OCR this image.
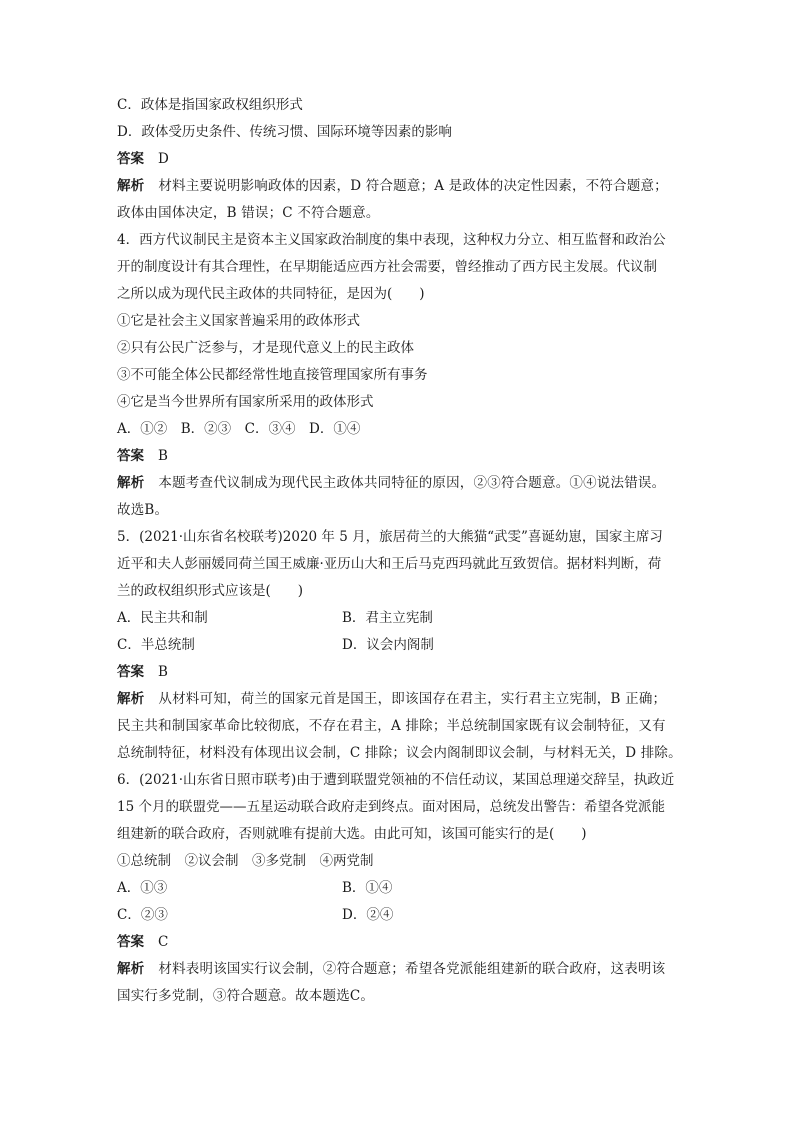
C．政体是指国家政权组织形式
D．政体受历史条件、传统习惯、国际环境等因素的影响
答案 D
解析 材料主要说明影响政体的因素，D 符合题意；A 是政体的决定性因素，不符合题意；
政体由国体决定，B 错误；C 不符合题意。
4．西方代议制民主是资本主义国家政治制度的集中表现，这种权力分立、相互监督和政治公
开的制度设计有其合理性，在早期能适应西方社会需要，曾经推动了西方民主发展。代议制
之所以成为现代民主政体的共同特征，是因为(　　)
①它是社会主义国家普遍采用的政体形式
②只有公民广泛参与，才是现代意义上的民主政体
③不可能全体公民都经常性地直接管理国家所有事务
④它是当今世界所有国家所采用的政体形式
A．①②　B．②③　C．③④　D．①④
答案 B
解析 本题考查代议制成为现代民主政体共同特征的原因，②③符合题意。①④说法错误。
故选B。
5．(2021·山东省名校联考)2020 年 5 月，旅居荷兰的大熊猫“武雯”喜诞幼崽，国家主席习
近平和夫人彭丽媛同荷兰国王威廉·亚历山大和王后马克西玛就此互致贺信。据材料判断，荷
兰的政权组织形式应该是(　　)
A．民主共和制	B．君主立宪制
C．半总统制	D．议会内阁制
答案 B
解析 从材料可知，荷兰的国家元首是国王，即该国存在君主，实行君主立宪制，B 正确；
民主共和制国家革命比较彻底，不存在君主，A 排除；半总统制国家既有议会制特征，又有
总统制特征，材料没有体现出议会制，C 排除；议会内阁制即议会制，与材料无关，D 排除。
6．(2021·山东省日照市联考)由于遭到联盟党领袖的不信任动议，某国总理递交辞呈，执政近
15 个月的联盟党——五星运动联合政府走到终点。面对困局，总统发出警告：希望各党派能
组建新的联合政府，否则就唯有提前大选。由此可知，该国可能实行的是(　　)
①总统制　②议会制　③多党制　④两党制
A．①③	B．①④
C．②③	D．②④
答案 C
解析 材料表明该国实行议会制，②符合题意；希望各党派能组建新的联合政府，这表明该
国实行多党制，③符合题意。故本题选C。
